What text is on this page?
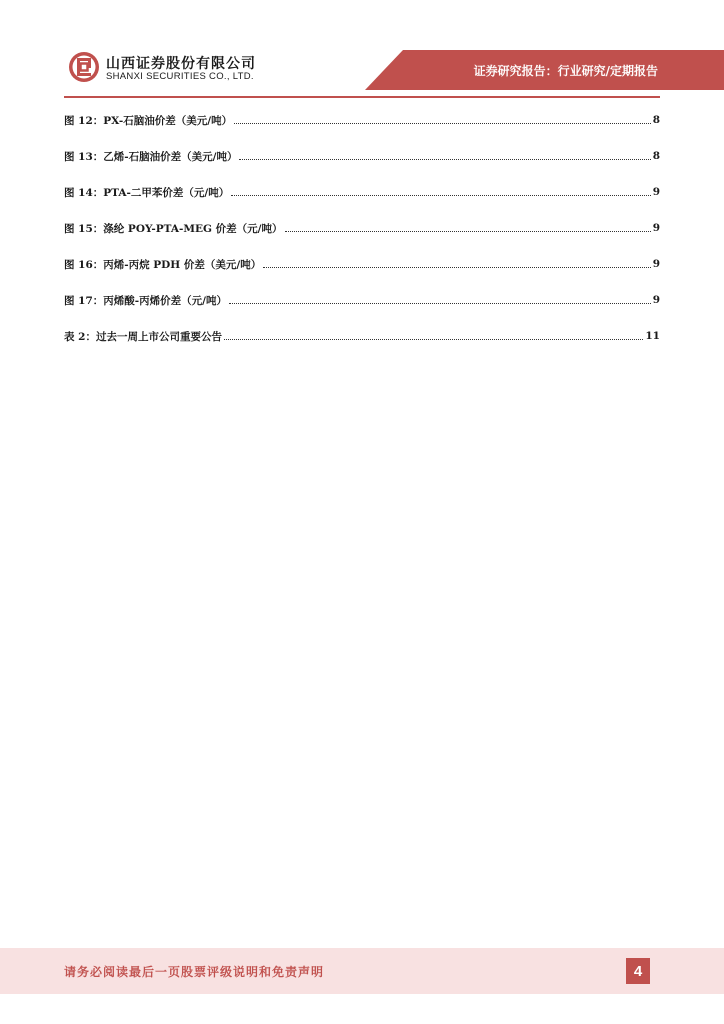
山西证券股份有限公司
SHANXI SECURITIES CO., LTD.	证券研究报告：行业研究/定期报告
图 12：PX-石脑油价差（美元/吨）	8
图 13：乙烯-石脑油价差（美元/吨）	8
图 14：PTA-二甲苯价差（元/吨）	9
图 15：涤纶 POY-PTA-MEG 价差（元/吨）	9
图 16：丙烯-丙烷 PDH 价差（美元/吨）	9
图 17：丙烯酸-丙烯价差（元/吨）	9
表 2：过去一周上市公司重要公告	11
请务必阅读最后一页股票评级说明和免责声明	4
